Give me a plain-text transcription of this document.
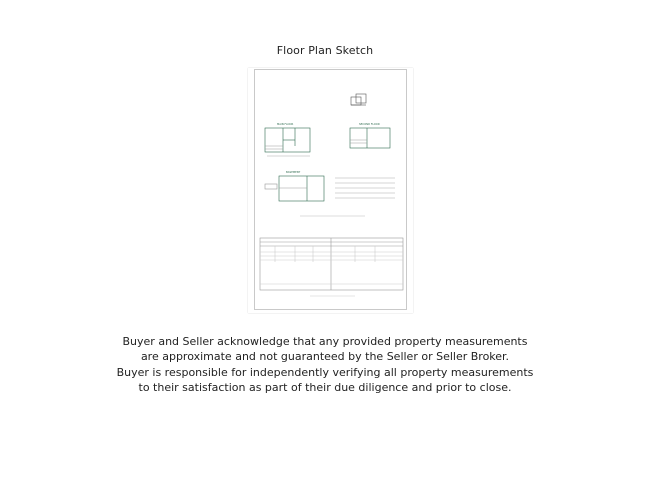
Floor Plan Sketch
MAIN FLOOR	SECOND FLOOR
BASEMENT
Buyer and Seller acknowledge that any provided property measurements
are approximate and not guaranteed by the Seller or Seller Broker.
Buyer is responsible for independently verifying all property measurements
to their satisfaction as part of their due diligence and prior to close.
